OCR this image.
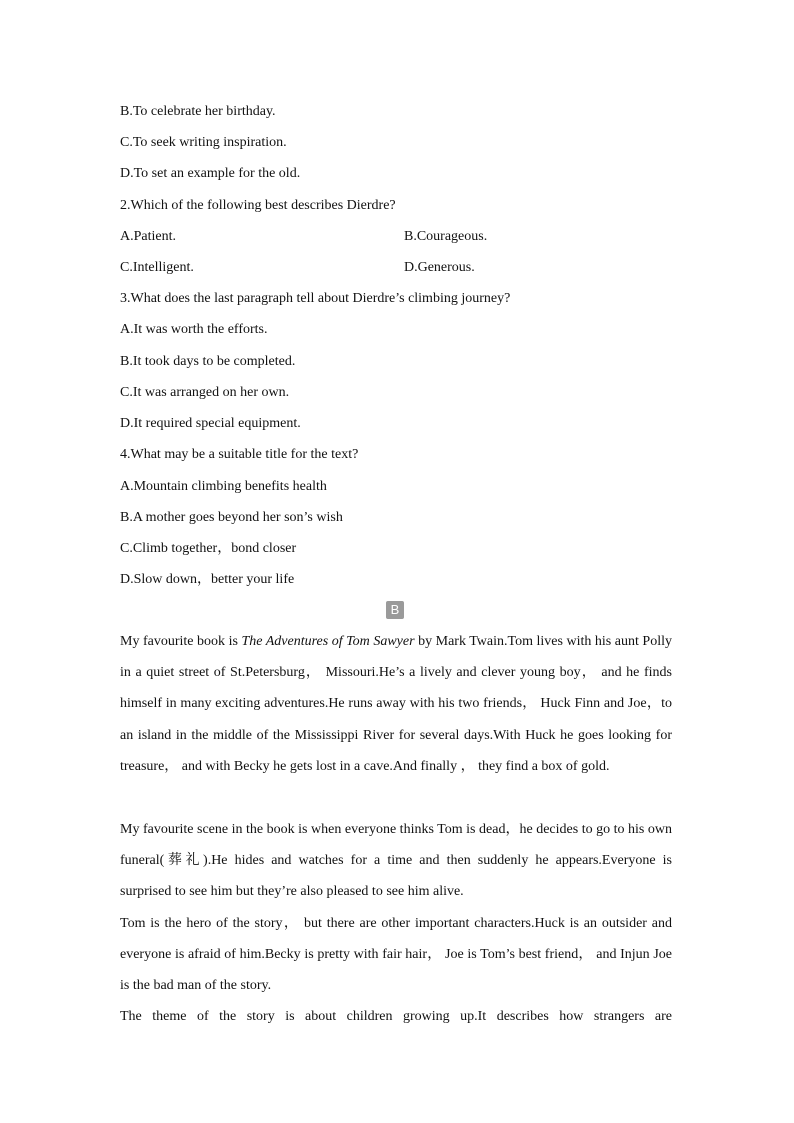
B.To celebrate her birthday.
C.To seek writing inspiration.
D.To set an example for the old.
2.Which of the following best describes Dierdre?
A.Patient.	B.Courageous.
C.Intelligent.	D.Generous.
3.What does the last paragraph tell about Dierdre’s climbing journey?
A.It was worth the efforts.
B.It took days to be completed.
C.It was arranged on her own.
D.It required special equipment.
4.What may be a suitable title for the text?
A.Mountain climbing benefits health
B.A mother goes beyond her son’s wish
C.Climb together，bond closer
D.Slow down，better your life
B
My favourite book is The Adventures of Tom Sawyer by Mark Twain.Tom lives with his aunt Polly in a quiet street of St.Petersburg， Missouri.He’s a lively and clever young boy， and he finds himself in many exciting adventures.He runs away with his two friends， Huck Finn and Joe，to an island in the middle of the Mississippi River for several days.With Huck he goes looking for treasure， and with Becky he gets lost in a cave.And finally ， they find a box of gold.
My favourite scene in the book is when everyone thinks Tom is dead，he decides to go to his own funeral(葬礼).He hides and watches for a time and then suddenly he appears.Everyone is surprised to see him but they’re also pleased to see him alive.
Tom is the hero of the story， but there are other important characters.Huck is an outsider and everyone is afraid of him.Becky is pretty with fair hair， Joe is Tom’s best friend， and Injun Joe is the bad man of the story.
The theme of the story is about children growing up.It describes how strangers are
